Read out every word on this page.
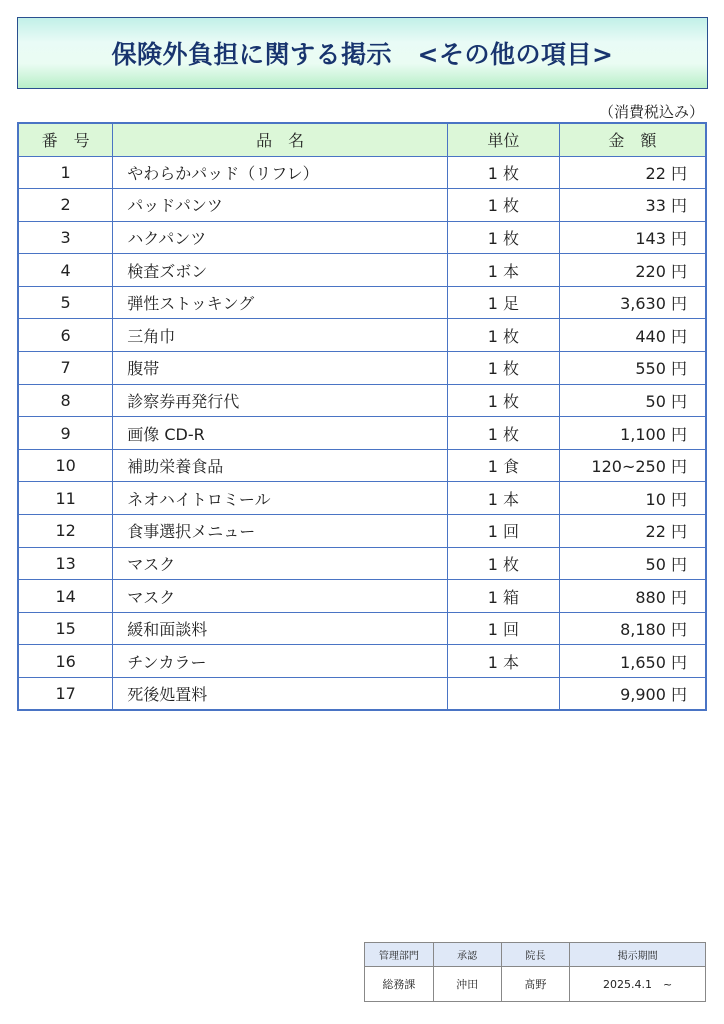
保険外負担に関する掲示　<その他の項目>
（消費税込み）
番　号	品　名	単位	金　額
1	やわらかパッド（リフレ）	1 枚	22 円
2	パッドパンツ	1 枚	33 円
3	ハクパンツ	1 枚	143 円
4	検査ズボン	1 本	220 円
5	弾性ストッキング	1 足	3,630 円
6	三角巾	1 枚	440 円
7	腹帯	1 枚	550 円
8	診察券再発行代	1 枚	50 円
9	画像 CD-R	1 枚	1,100 円
10	補助栄養食品	1 食	120~250 円
11	ネオハイトロミール	1 本	10 円
12	食事選択メニュー	1 回	22 円
13	マスク	1 枚	50 円
14	マスク	1 箱	880 円
15	緩和面談料	1 回	8,180 円
16	チンカラー	1 本	1,650 円
17	死後処置料		9,900 円
管理部門	承認	院長	掲示期間
総務課	沖田	髙野	2025.4.1　~
